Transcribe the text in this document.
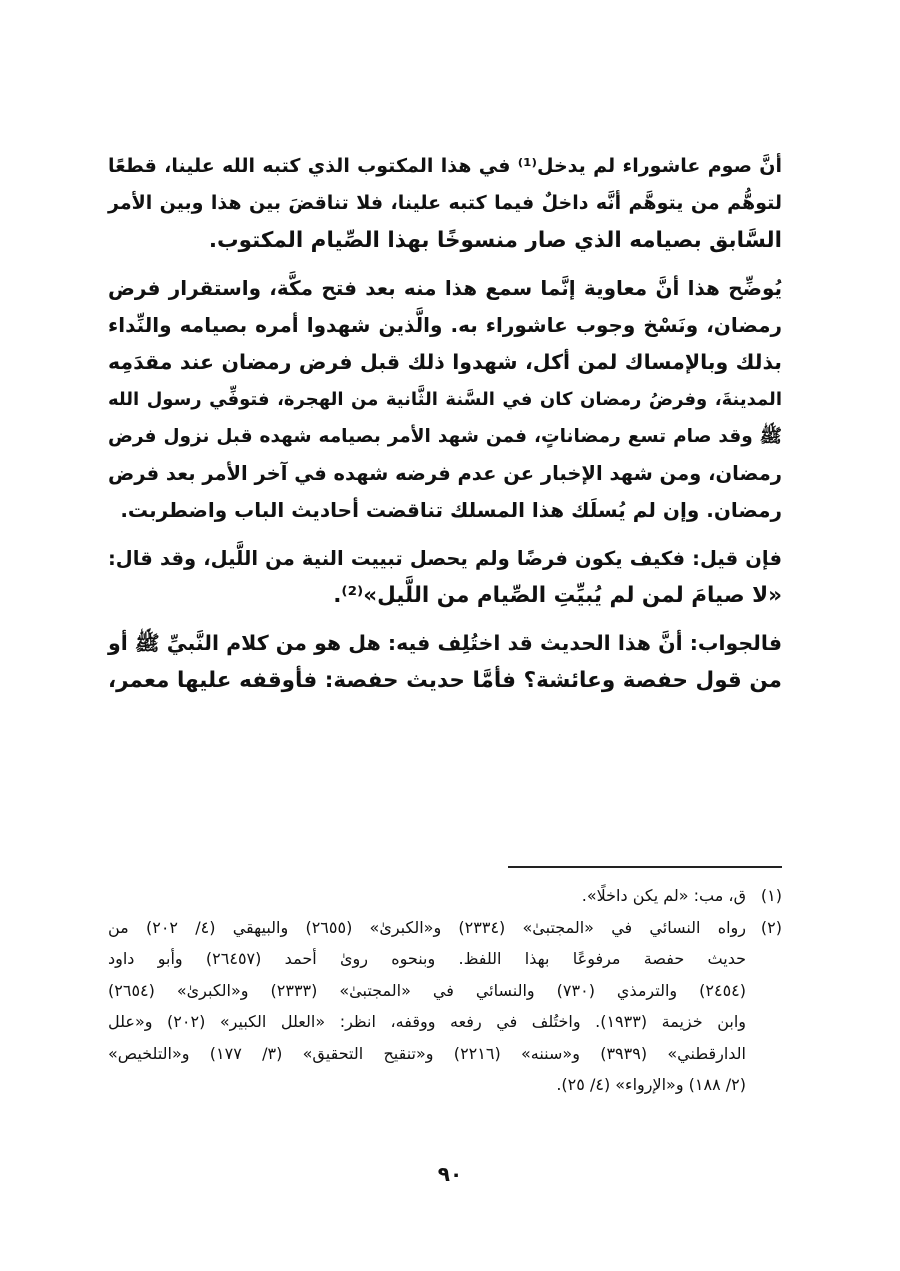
أنَّ صوم عاشوراء لم يدخل⁽¹⁾ في هذا المكتوب الذي كتبه الله علينا، قطعًا
لتوهُّم من يتوهَّم أنَّه داخلٌ فيما كتبه علينا، فلا تناقضَ بين هذا وبين الأمر
السَّابق بصيامه الذي صار منسوخًا بهذا الصِّيام المكتوب.
يُوضِّح هذا أنَّ معاوية إنَّما سمع هذا منه بعد فتح مكَّة، واستقرار فرض
رمضان، ونَسْخ وجوب عاشوراء به. والَّذين شهدوا أمره بصيامه والنِّداء
بذلك وبالإمساك لمن أكل، شهدوا ذلك قبل فرض رمضان عند مقدَمِه
المدينةَ، وفرضُ رمضان كان في السَّنة الثَّانية من الهجرة، فتوفِّي رسول الله
ﷺ وقد صام تسع رمضاناتٍ، فمن شهد الأمر بصيامه شهده قبل نزول فرض
رمضان، ومن شهد الإخبار عن عدم فرضه شهده في آخر الأمر بعد فرض
رمضان. وإن لم يُسلَك هذا المسلك تناقضت أحاديث الباب واضطربت.
فإن قيل: فكيف يكون فرضًا ولم يحصل تبييت النية من اللَّيل، وقد قال:
«لا صيامَ لمن لم يُبيِّتِ الصِّيام من اللَّيل»⁽²⁾.
فالجواب: أنَّ هذا الحديث قد اختُلِف فيه: هل هو من كلام النَّبيِّ ﷺ أو
من قول حفصة وعائشة؟ فأمَّا حديث حفصة: فأوقفه عليها معمر،
(١)
ق، مب: «لم يكن داخلًا».
(٢)
رواه النسائي في «المجتبىٰ» (٢٣٣٤) و«الكبرىٰ» (٢٦٥٥) والبيهقي (٤/ ٢٠٢) من
حديث حفصة مرفوعًا بهذا اللفظ. وبنحوه روىٰ أحمد (٢٦٤٥٧) وأبو داود
(٢٤٥٤) والترمذي (٧٣٠) والنسائي في «المجتبىٰ» (٢٣٣٣) و«الكبرىٰ» (٢٦٥٤)
وابن خزيمة (١٩٣٣). واختُلف في رفعه ووقفه، انظر: «العلل الكبير» (٢٠٢) و«علل
الدارقطني» (٣٩٣٩) و«سننه» (٢٢١٦) و«تنقيح التحقيق» (٣/ ١٧٧) و«التلخيص»
(٢/ ١٨٨) و«الإرواء» (٤/ ٢٥).
٩٠
